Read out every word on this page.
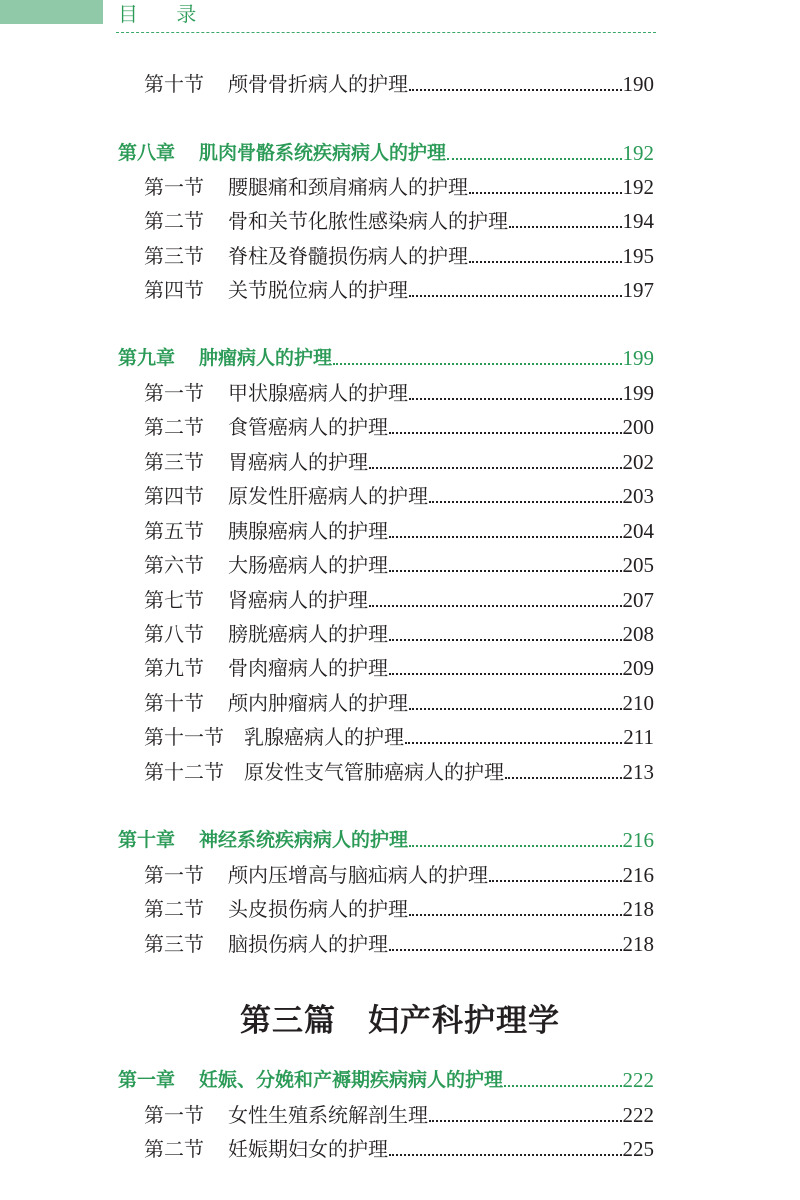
目 录
第十节 颅骨骨折病人的护理	190
第八章 肌肉骨骼系统疾病病人的护理	192
第一节 腰腿痛和颈肩痛病人的护理	192
第二节 骨和关节化脓性感染病人的护理	194
第三节 脊柱及脊髓损伤病人的护理	195
第四节 关节脱位病人的护理	197
第九章 肿瘤病人的护理	199
第一节 甲状腺癌病人的护理	199
第二节 食管癌病人的护理	200
第三节 胃癌病人的护理	202
第四节 原发性肝癌病人的护理	203
第五节 胰腺癌病人的护理	204
第六节 大肠癌病人的护理	205
第七节 肾癌病人的护理	207
第八节 膀胱癌病人的护理	208
第九节 骨肉瘤病人的护理	209
第十节 颅内肿瘤病人的护理	210
第十一节 乳腺癌病人的护理	211
第十二节 原发性支气管肺癌病人的护理	213
第十章 神经系统疾病病人的护理	216
第一节 颅内压增高与脑疝病人的护理	216
第二节 头皮损伤病人的护理	218
第三节 脑损伤病人的护理	218
第一章 妊娠、分娩和产褥期疾病病人的护理	222
第一节 女性生殖系统解剖生理	222
第二节 妊娠期妇女的护理	225
第三篇　妇产科护理学
